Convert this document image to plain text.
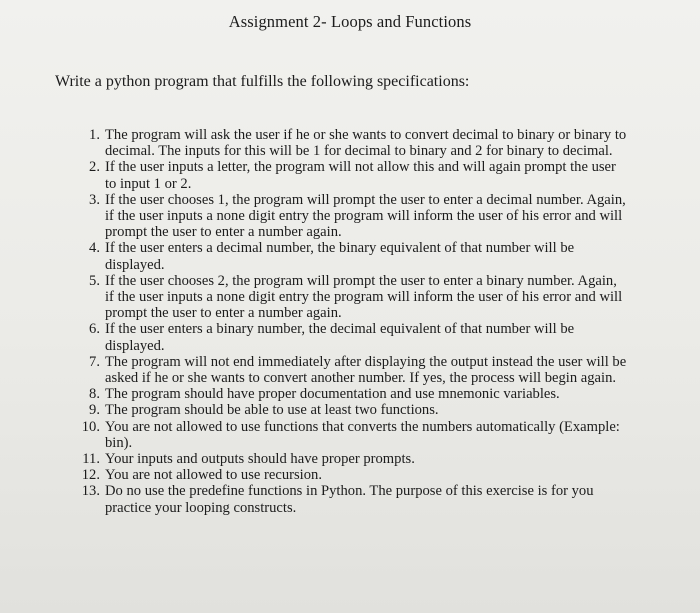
Assignment 2- Loops and Functions
Write a python program that fulfills the following specifications:
1. The program will ask the user if he or she wants to convert decimal to binary or binary to
decimal. The inputs for this will be 1 for decimal to binary and 2 for binary to decimal.
2. If the user inputs a letter, the program will not allow this and will again prompt the user
to input 1 or 2.
3. If the user chooses 1, the program will prompt the user to enter a decimal number. Again,
if the user inputs a none digit entry the program will inform the user of his error and will
prompt the user to enter a number again.
4. If the user enters a decimal number, the binary equivalent of that number will be
displayed.
5. If the user chooses 2, the program will prompt the user to enter a binary number. Again,
if the user inputs a none digit entry the program will inform the user of his error and will
prompt the user to enter a number again.
6. If the user enters a binary number, the decimal equivalent of that number will be
displayed.
7. The program will not end immediately after displaying the output instead the user will be
asked if he or she wants to convert another number. If yes, the process will begin again.
8. The program should have proper documentation and use mnemonic variables.
9. The program should be able to use at least two functions.
10. You are not allowed to use functions that converts the numbers automatically (Example:
bin).
11. Your inputs and outputs should have proper prompts.
12. You are not allowed to use recursion.
13. Do no use the predefine functions in Python. The purpose of this exercise is for you
practice your looping constructs.
